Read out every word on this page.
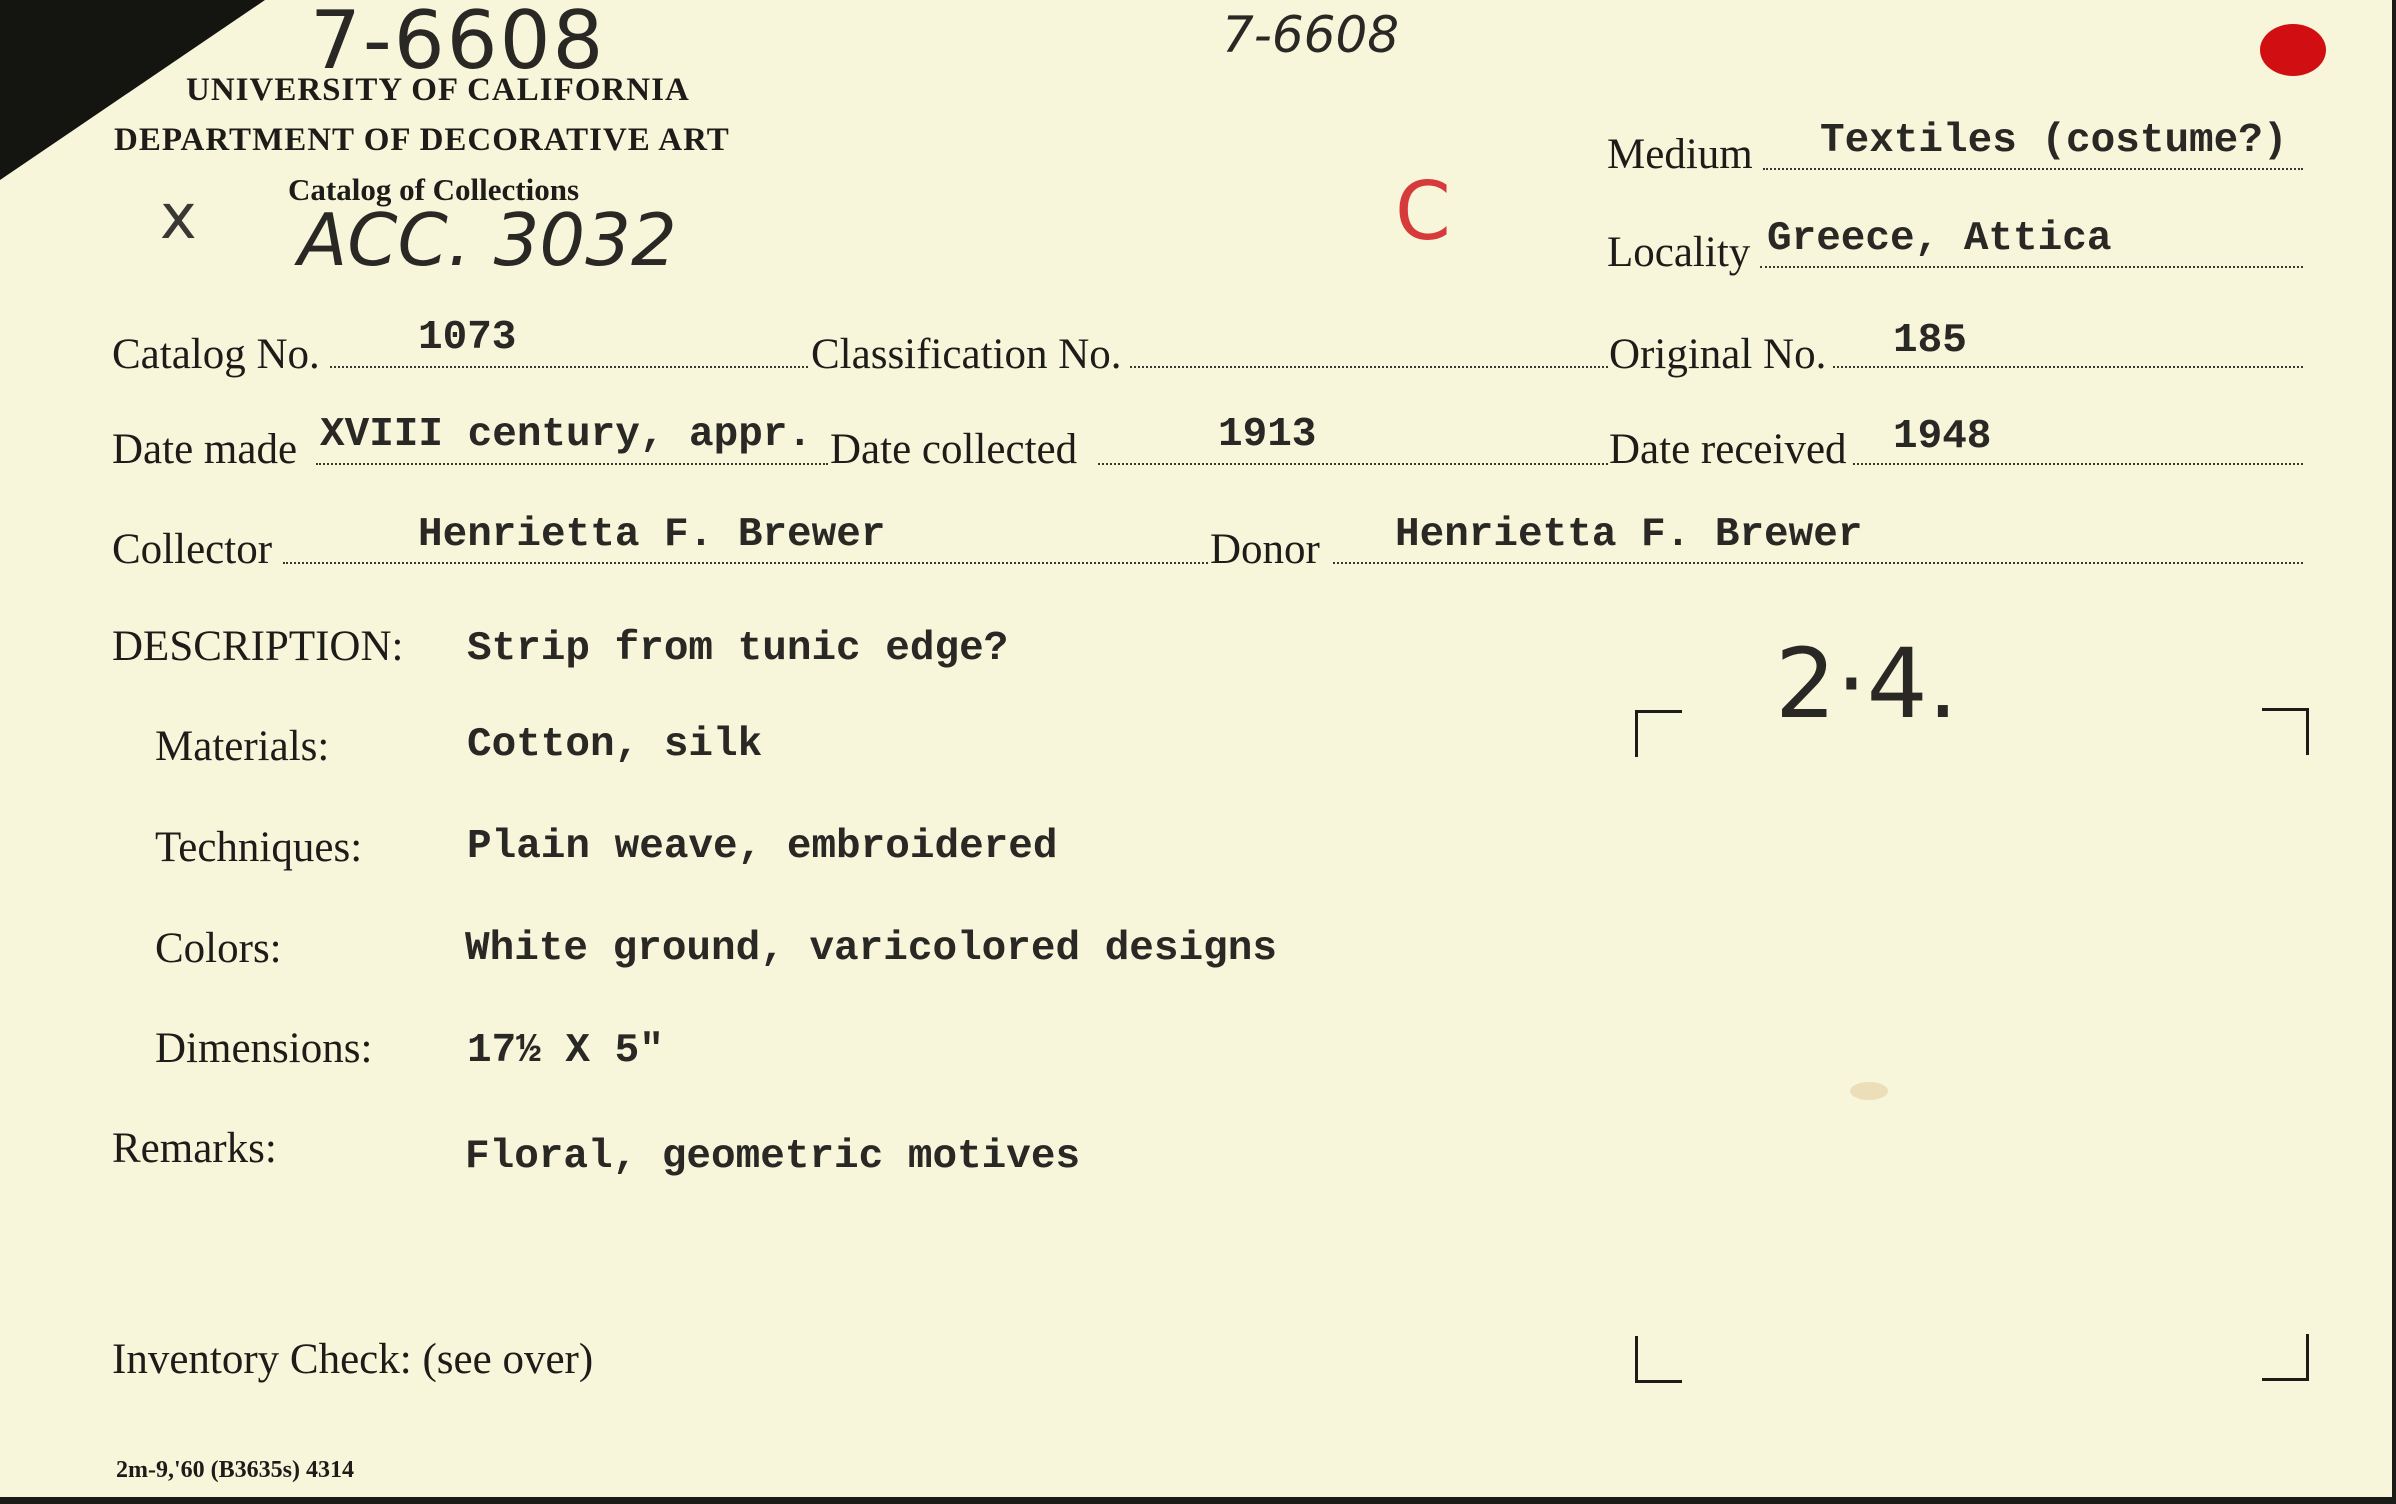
7-6608	7-6608
x ACC. 3032	C
2·4.
UNIVERSITY OF CALIFORNIA
DEPARTMENT OF DECORATIVE ART
Catalog of Collections
Medium Textiles (costume?)
Locality Greece, Attica
Catalog No. 1073	Classification No.	Original No. 185
Date made XVIII century, appr. Date collected	1913	Date received 1948
Collector	Henrietta F. Brewer	Donor Henrietta F. Brewer
DESCRIPTION: Strip from tunic edge?
Materials:	Cotton, silk
Techniques:	Plain weave, embroidered
Colors:	White ground, varicolored designs
Dimensions: 17½ X 5"
Remarks:	Floral, geometric motives
Inventory Check: (see over)
2m-9,'60 (B3635s) 4314
